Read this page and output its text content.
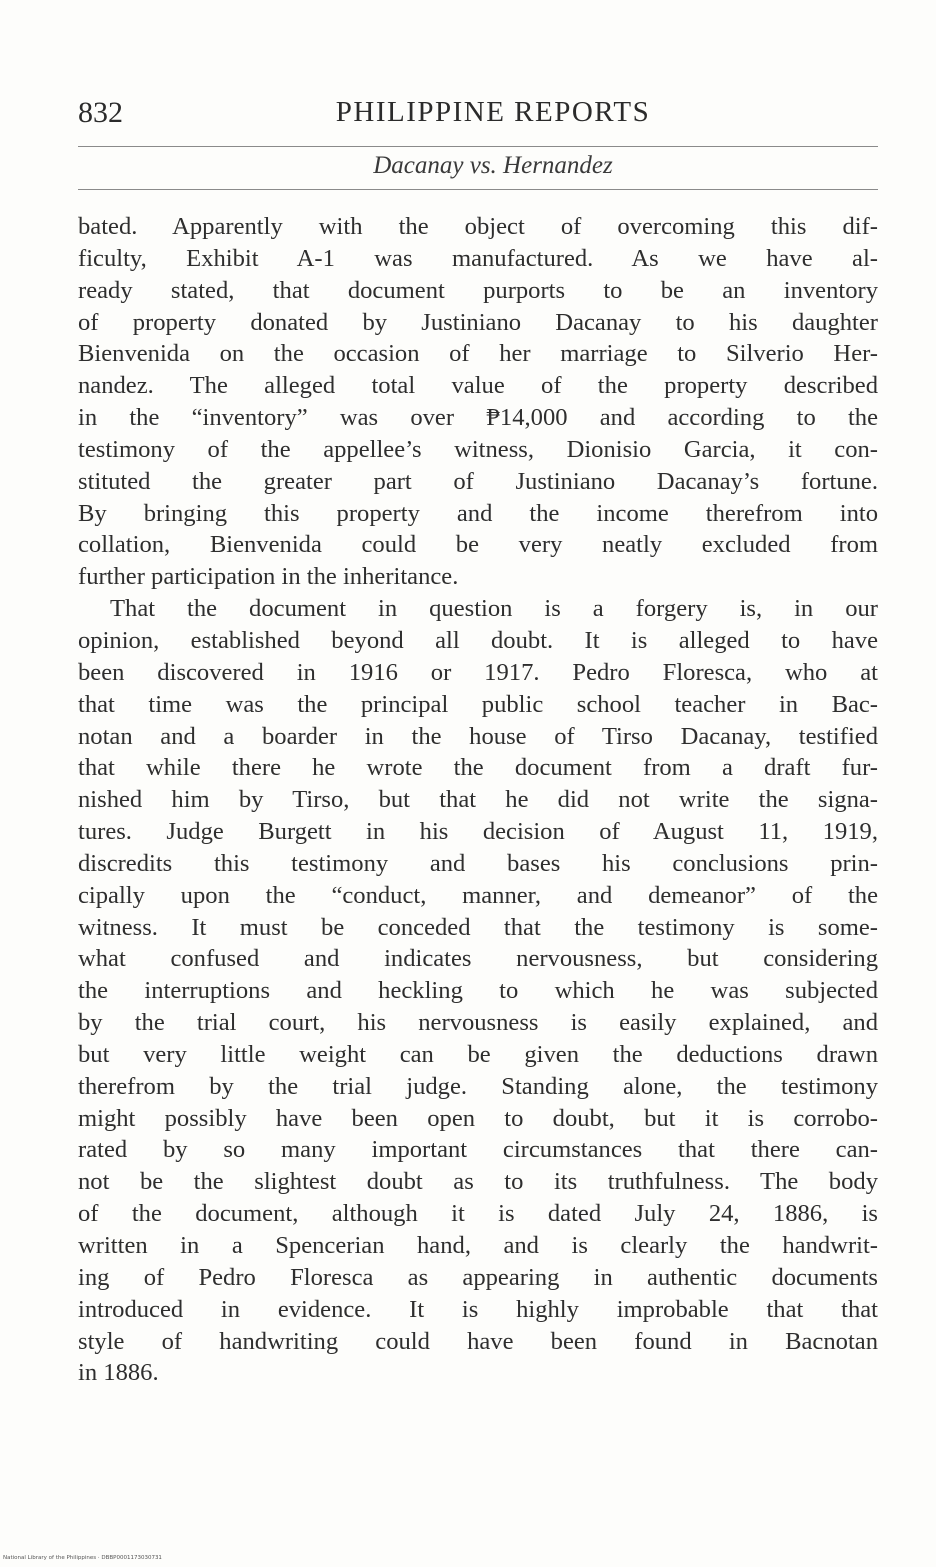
832	PHILIPPINE REPORTS
Dacanay vs. Hernandez
bated. Apparently with the object of overcoming this dif-
ficulty, Exhibit A-1 was manufactured. As we have al-
ready stated, that document purports to be an inventory
of property donated by Justiniano Dacanay to his daughter
Bienvenida on the occasion of her marriage to Silverio Her-
nandez. The alleged total value of the property described
in the “inventory” was over ₱14,000 and according to the
testimony of the appellee’s witness, Dionisio Garcia, it con-
stituted the greater part of Justiniano Dacanay’s fortune.
By bringing this property and the income therefrom into
collation, Bienvenida could be very neatly excluded from
further participation in the inheritance.
That the document in question is a forgery is, in our
opinion, established beyond all doubt. It is alleged to have
been discovered in 1916 or 1917. Pedro Floresca, who at
that time was the principal public school teacher in Bac-
notan and a boarder in the house of Tirso Dacanay, testified
that while there he wrote the document from a draft fur-
nished him by Tirso, but that he did not write the signa-
tures. Judge Burgett in his decision of August 11, 1919,
discredits this testimony and bases his conclusions prin-
cipally upon the “conduct, manner, and demeanor” of the
witness. It must be conceded that the testimony is some-
what confused and indicates nervousness, but considering
the interruptions and heckling to which he was subjected
by the trial court, his nervousness is easily explained, and
but very little weight can be given the deductions drawn
therefrom by the trial judge. Standing alone, the testimony
might possibly have been open to doubt, but it is corrobo-
rated by so many important circumstances that there can-
not be the slightest doubt as to its truthfulness. The body
of the document, although it is dated July 24, 1886, is
written in a Spencerian hand, and is clearly the handwrit-
ing of Pedro Floresca as appearing in authentic documents
introduced in evidence. It is highly improbable that that
style of handwriting could have been found in Bacnotan
in 1886.
National Library of the Philippines · DBBP0001173030731
